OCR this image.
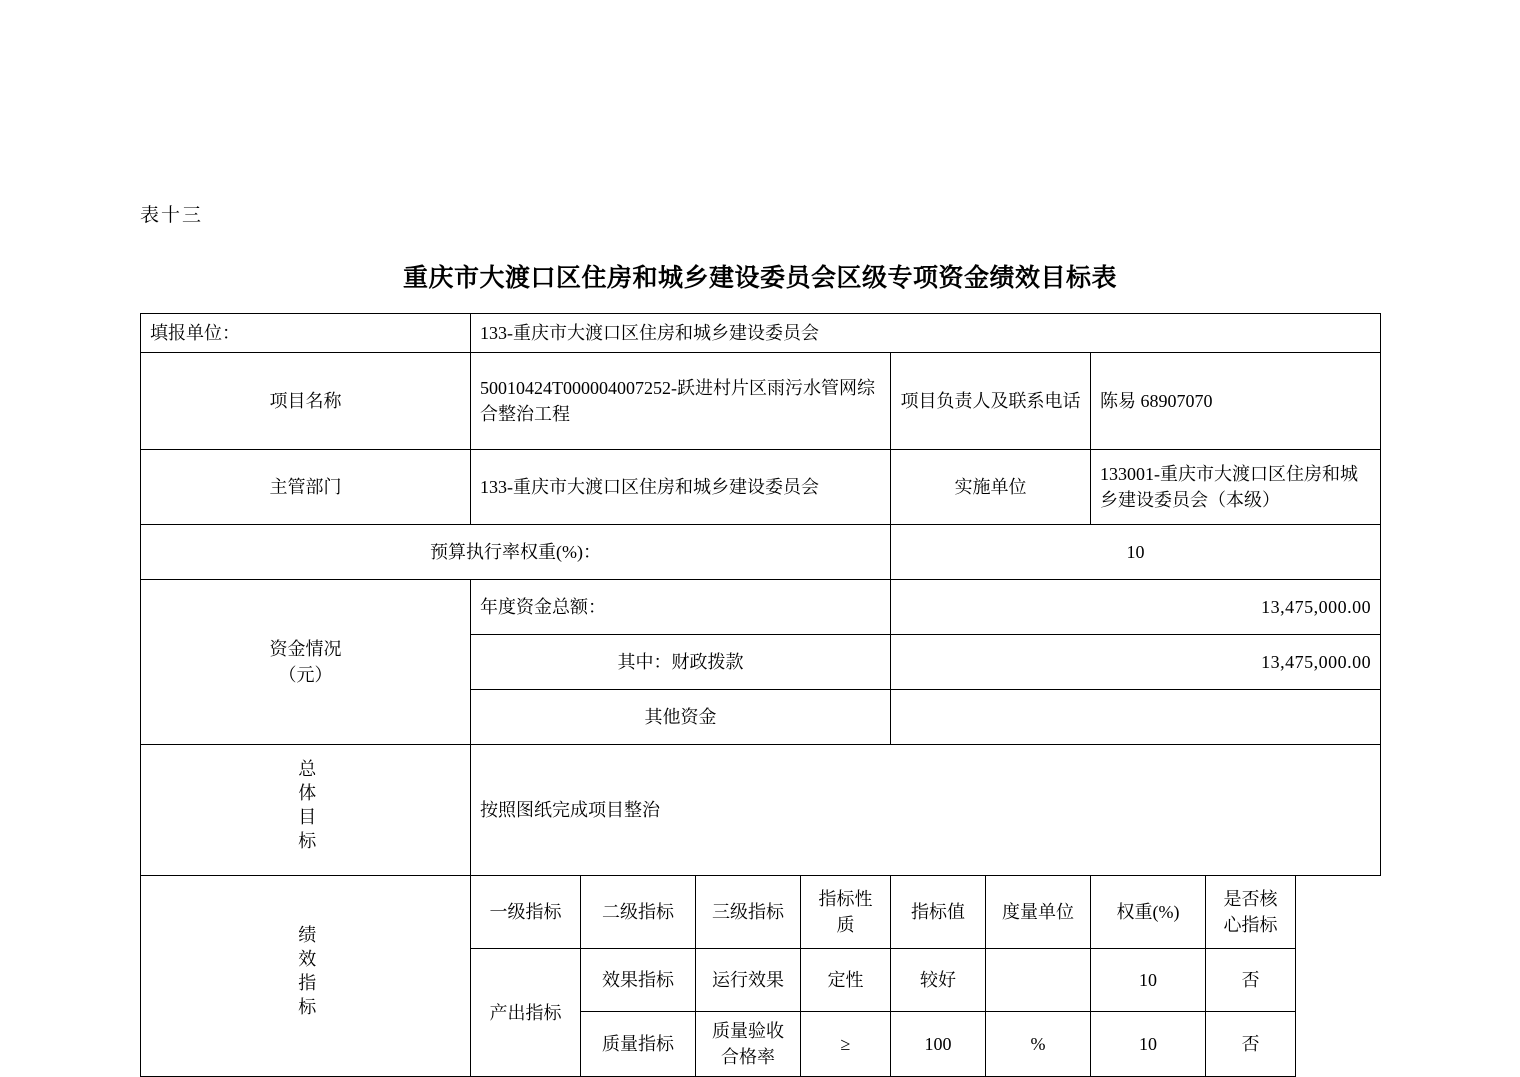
表十三
重庆市大渡口区住房和城乡建设委员会区级专项资金绩效目标表
填报单位：	133-重庆市大渡口区住房和城乡建设委员会							
项目名称	50010424T000004007252-跃进村片区雨污水管网综合整治工程				项目负责人及联系电话		陈易 68907070	
主管部门	133-重庆市大渡口区住房和城乡建设委员会				实施单位		133001-重庆市大渡口区住房和城乡建设委员会（本级）	
预算执行率权重(%)：					10			

资金情况
（元）	年度资金总额：				13,475,000.00			
	其中：财政拨款				13,475,000.00			
	其他资金							
总体目标	按照图纸完成项目整治							
绩效指标	一级指标	二级指标	三级指标	指标性质	指标值	度量单位	权重(%)	是否核心指标
	产出指标	效果指标	运行效果	定性	较好		10	否
		质量指标	质量验收合格率	≥	100	%	10	否
